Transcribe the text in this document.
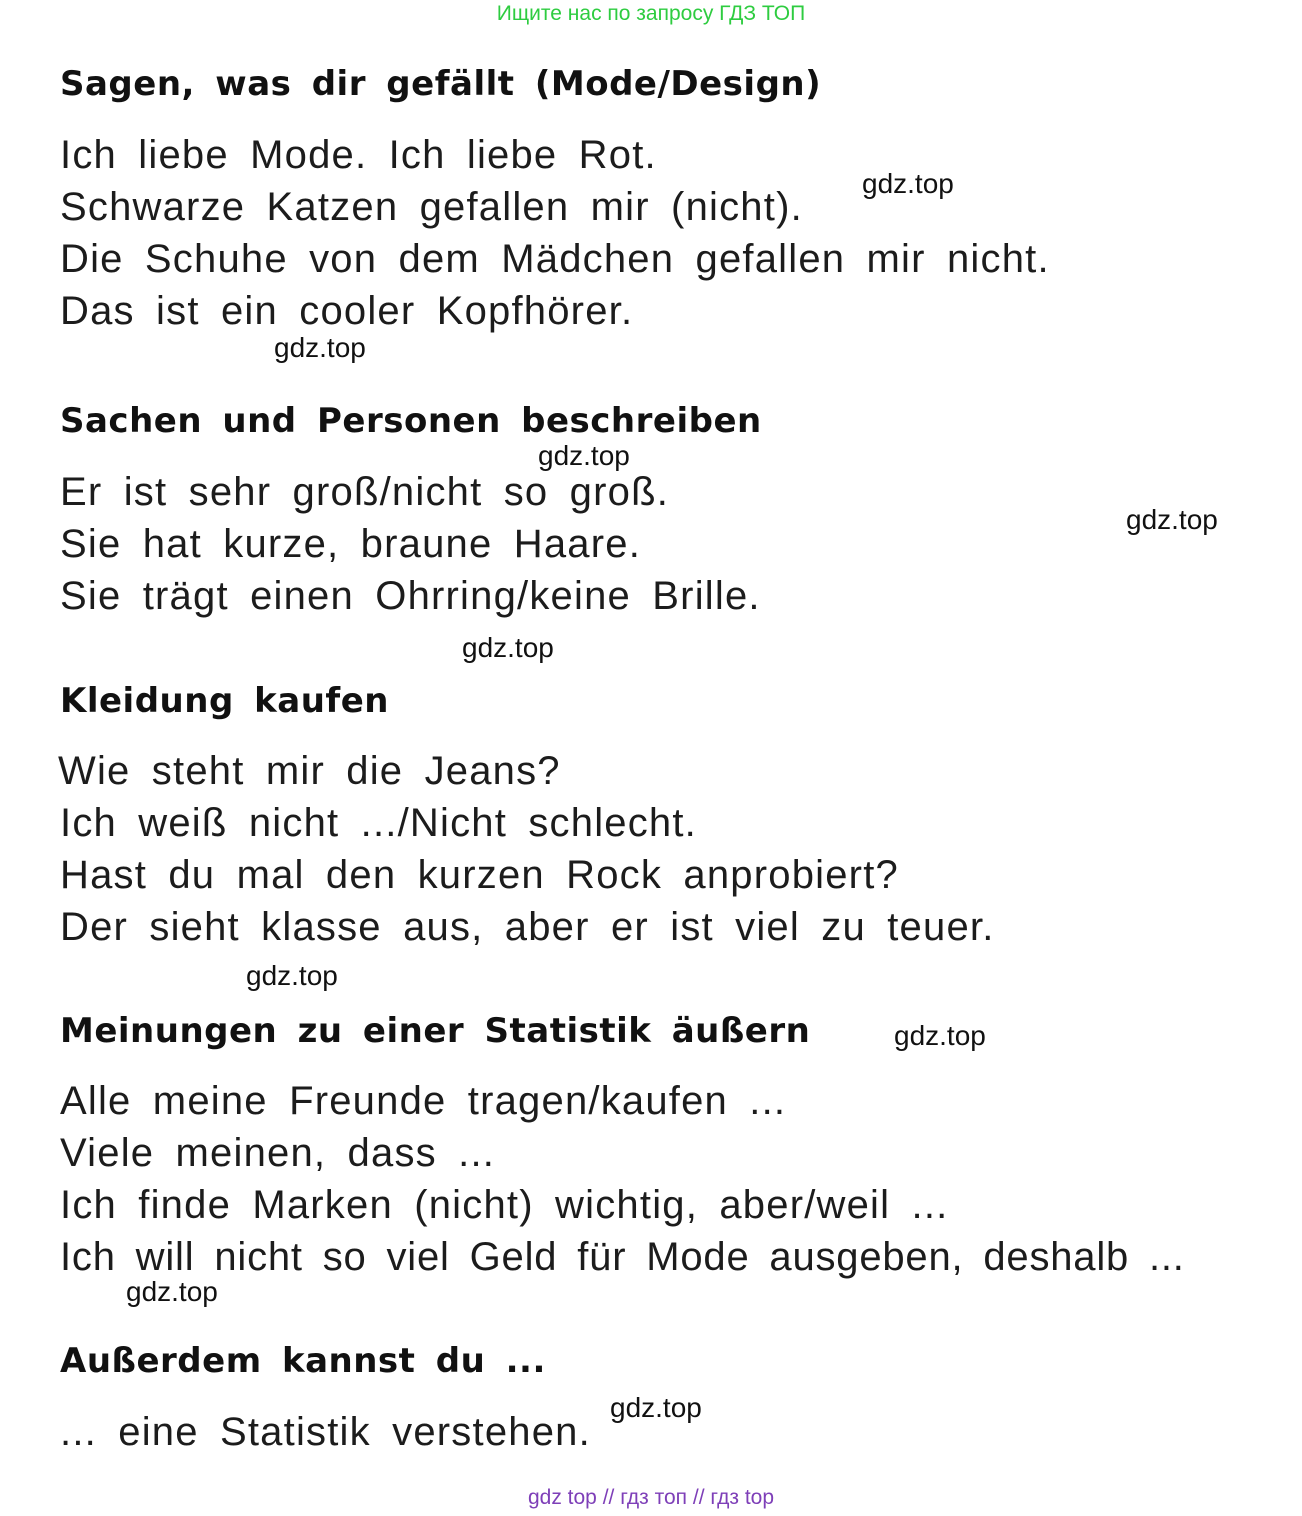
Ищите нас по запросу ГДЗ ТОП
Sagen, was dir gefällt (Mode/Design)
Ich liebe Mode. Ich liebe Rot.
Schwarze Katzen gefallen mir (nicht).
Die Schuhe von dem Mädchen gefallen mir nicht.
Das ist ein cooler Kopfhörer.
Sachen und Personen beschreiben
Er ist sehr groß/nicht so groß.
Sie hat kurze, braune Haare.
Sie trägt einen Ohrring/keine Brille.
Kleidung kaufen
Wie steht mir die Jeans?
Ich weiß nicht .../Nicht schlecht.
Hast du mal den kurzen Rock anprobiert?
Der sieht klasse aus, aber er ist viel zu teuer.
Meinungen zu einer Statistik äußern
Alle meine Freunde tragen/kaufen ...
Viele meinen, dass ...
Ich finde Marken (nicht) wichtig, aber/weil ...
Ich will nicht so viel Geld für Mode ausgeben, deshalb ...
Außerdem kannst du ...
... eine Statistik verstehen.
gdz.top
gdz.top
gdz.top
gdz.top
gdz.top
gdz.top
gdz.top
gdz.top
gdz.top
gdz top // гдз топ // гдз top
